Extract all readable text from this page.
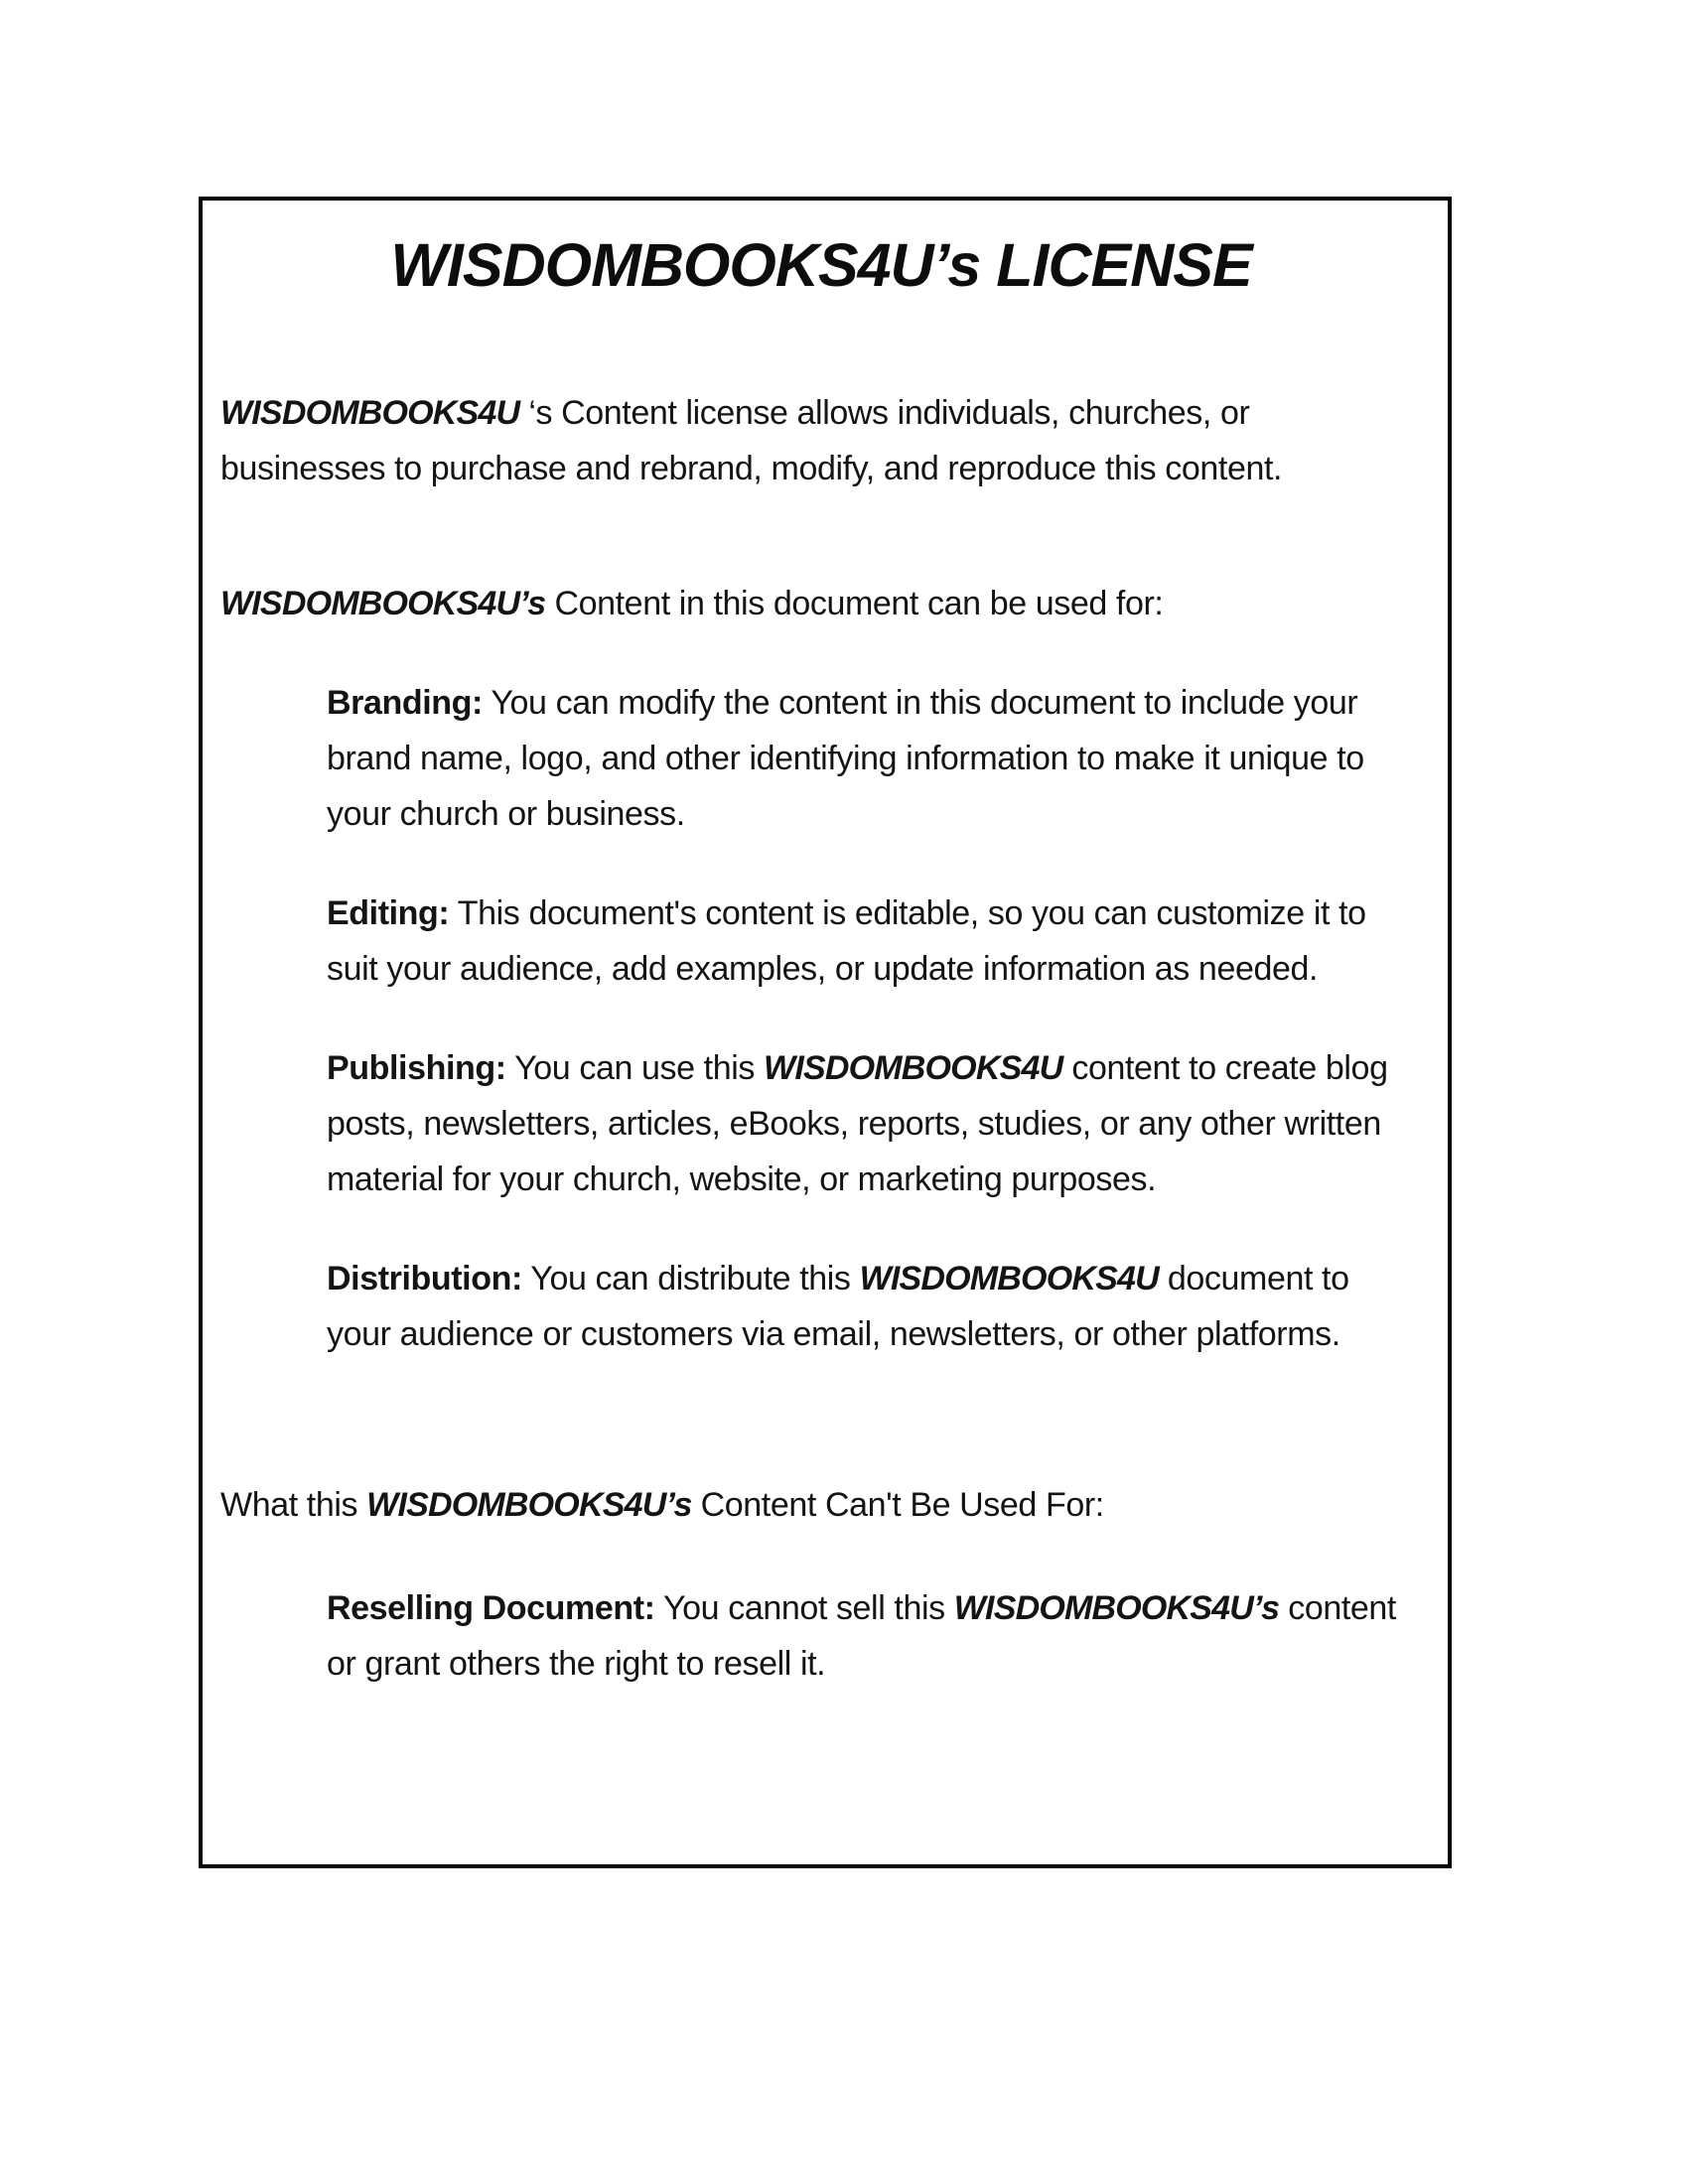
WISDOMBOOKS4U’s LICENSE

WISDOMBOOKS4U ‘s Content license allows individuals, churches, or businesses to purchase and rebrand, modify, and reproduce this content.

WISDOMBOOKS4U’s Content in this document can be used for:

Branding: You can modify the content in this document to include your brand name, logo, and other identifying information to make it unique to your church or business.

Editing: This document's content is editable, so you can customize it to suit your audience, add examples, or update information as needed.

Publishing: You can use this WISDOMBOOKS4U content to create blog posts, newsletters, articles, eBooks, reports, studies, or any other written material for your church, website, or marketing purposes.

Distribution: You can distribute this WISDOMBOOKS4U document to your audience or customers via email, newsletters, or other platforms.

What this WISDOMBOOKS4U’s Content Can't Be Used For:

Reselling Document: You cannot sell this WISDOMBOOKS4U’s content or grant others the right to resell it.
